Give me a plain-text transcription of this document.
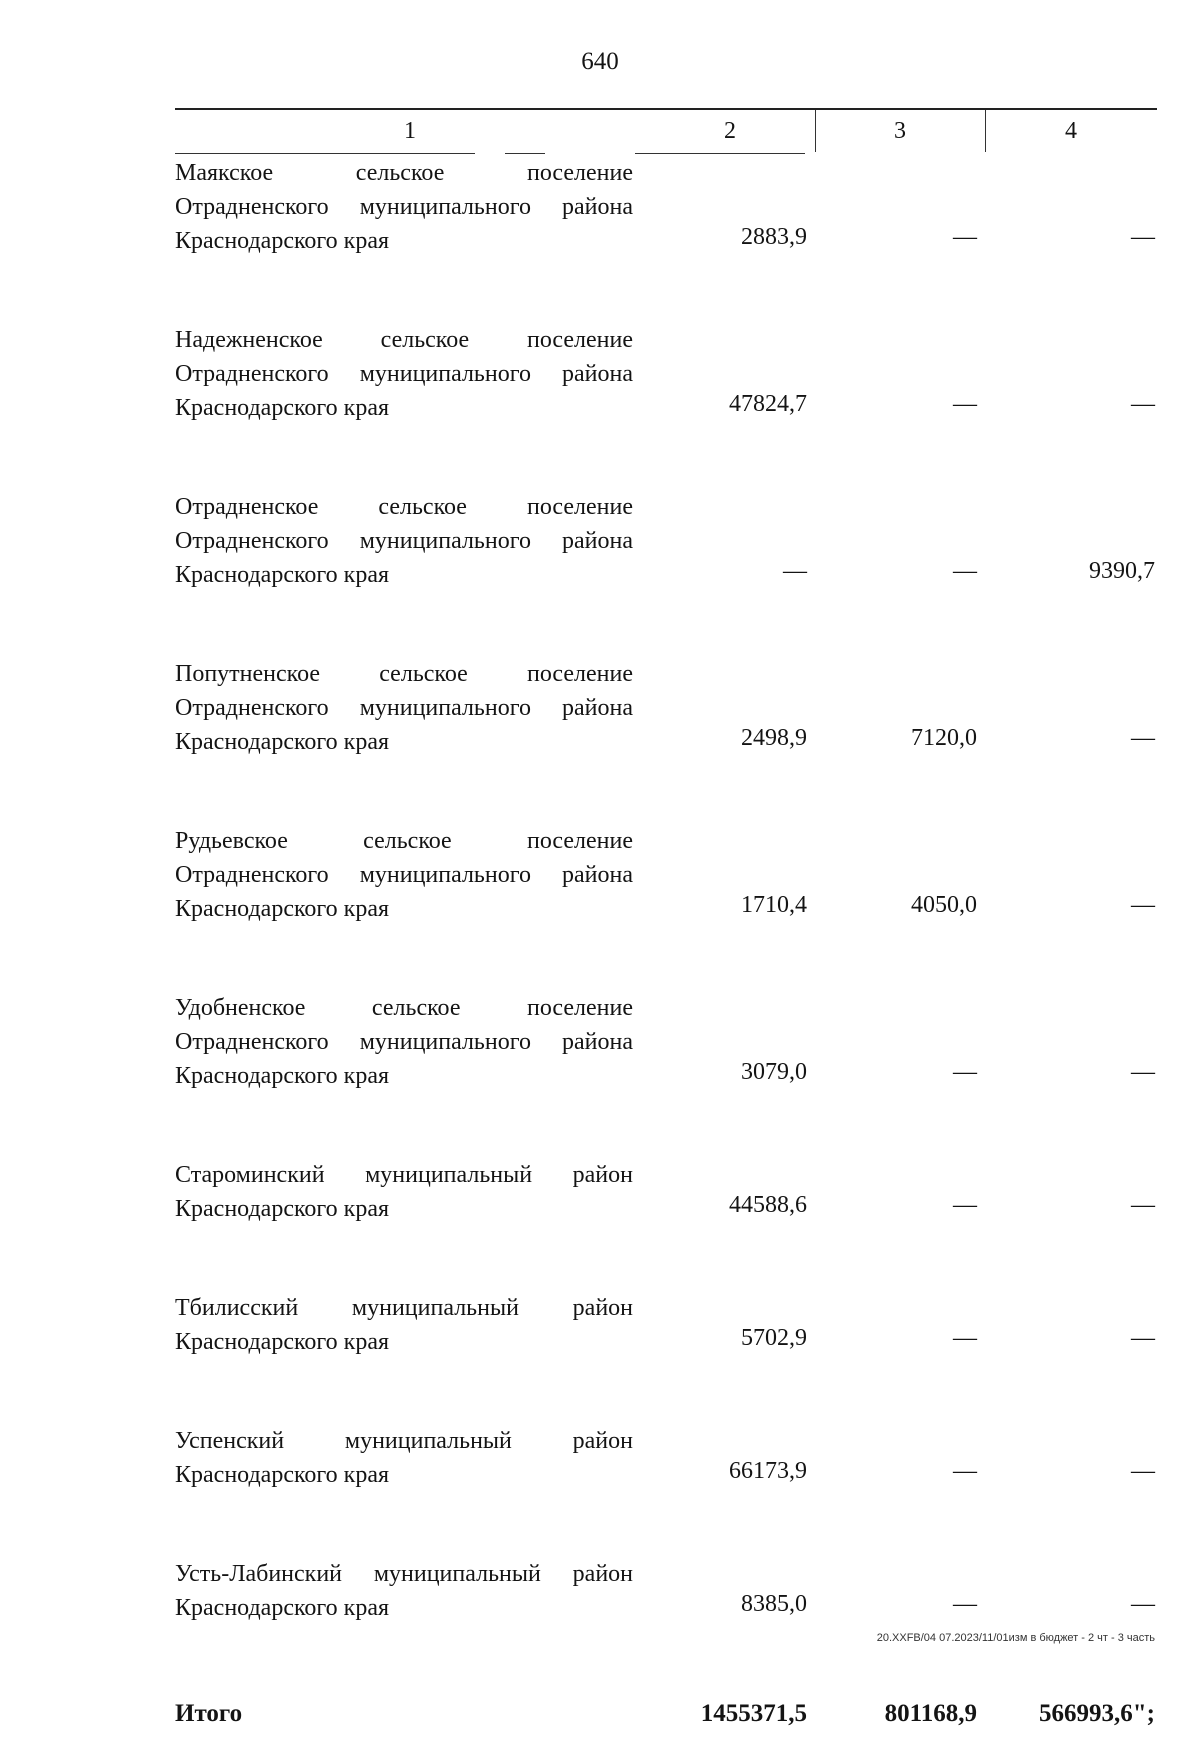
640
1	2	3	4
Маякское сельское поселение Отрадненского муниципального района Краснодарского края	2883,9	—	—
Надежненское сельское поселение Отрадненского муниципального района Краснодарского края	47824,7	—	—
Отрадненское сельское поселение Отрадненского муниципального района Краснодарского края	—	—	9390,7
Попутненское сельское поселение Отрадненского муниципального района Краснодарского края	2498,9	7120,0	—
Рудьевское сельское поселение Отрадненского муниципального района Краснодарского края	1710,4	4050,0	—
Удобненское сельское поселение Отрадненского муниципального района Краснодарского края	3079,0	—	—
Староминский муниципальный район Краснодарского края	44588,6	—	—
Тбилисский муниципальный район Краснодарского края	5702,9	—	—
Успенский муниципальный район Краснодарского края	66173,9	—	—
Усть-Лабинский муниципальный район Краснодарского края	8385,0	—	—
Итого	1455371,5	801168,9	566993,6";
20.XXFB/04 07.2023/11/01изм в бюджет - 2 чт - 3 часть
